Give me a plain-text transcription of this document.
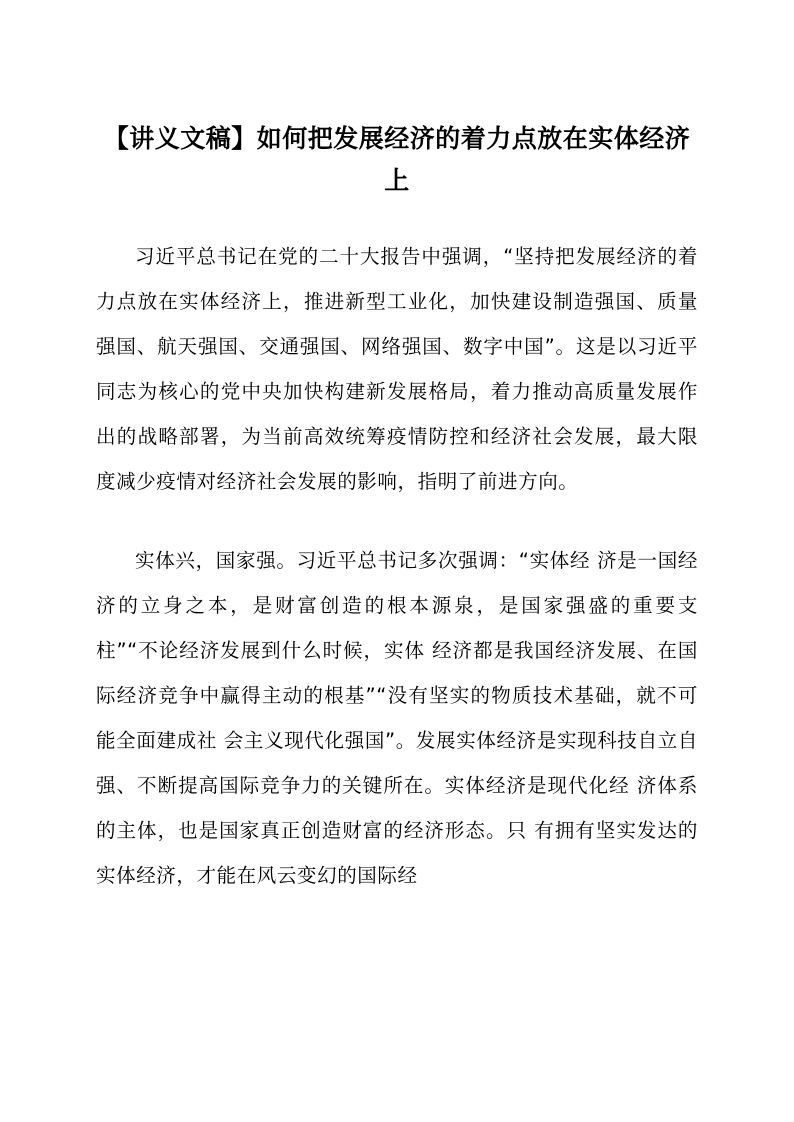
【讲义文稿】如何把发展经济的着力点放在实体经济上

习近平总书记在党的二十大报告中强调，“坚持把发展经济的着力点放在实体经济上，推进新型工业化，加快建设制造强国、质量强国、航天强国、交通强国、网络强国、数字中国”。这是以习近平同志为核心的党中央加快构建新发展格局，着力推动高质量发展作出的战略部署，为当前高效统筹疫情防控和经济社会发展，最大限度减少疫情对经济社会发展的影响，指明了前进方向。

实体兴，国家强。习近平总书记多次强调：“实体经 济是一国经济的立身之本，是财富创造的根本源泉，是国家强盛的重要支柱”“不论经济发展到什么时候，实体 经济都是我国经济发展、在国际经济竞争中赢得主动的根基”“没有坚实的物质技术基础，就不可能全面建成社 会主义现代化强国”。发展实体经济是实现科技自立自强、不断提高国际竞争力的关键所在。实体经济是现代化经 济体系的主体，也是国家真正创造财富的经济形态。只 有拥有坚实发达的实体经济，才能在风云变幻的国际经
